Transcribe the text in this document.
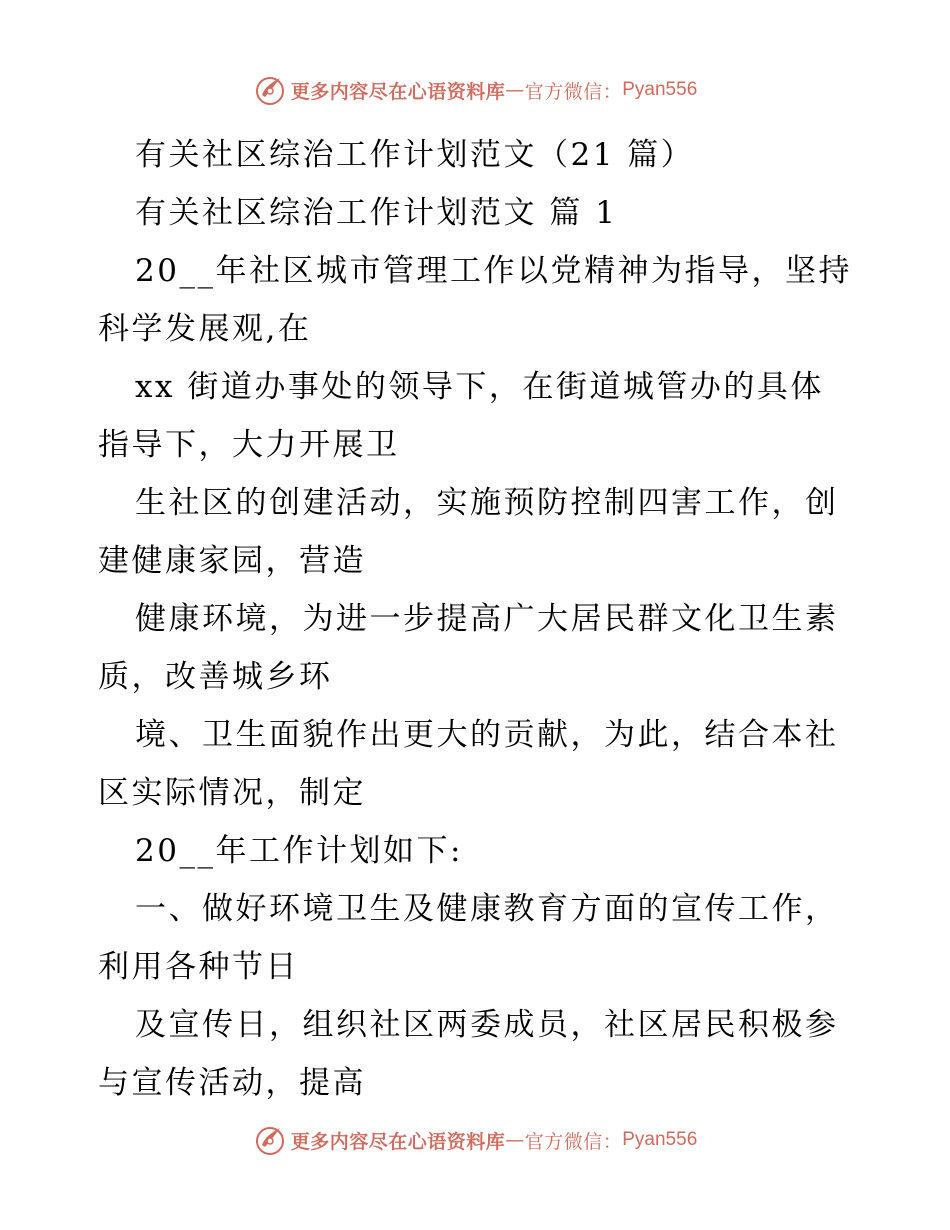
更多内容尽在心语资料库 — 官方微信： Pyan556
有关社区综治工作计划范文（21 篇）
有关社区综治工作计划范文 篇 1
20__年社区城市管理工作以党精神为指导，坚持
科学发展观,在
xx 街道办事处的领导下，在街道城管办的具体
指导下，大力开展卫
生社区的创建活动，实施预防控制四害工作，创
建健康家园，营造
健康环境，为进一步提高广大居民群文化卫生素
质，改善城乡环
境、卫生面貌作出更大的贡献，为此，结合本社
区实际情况，制定
20__年工作计划如下:
一、做好环境卫生及健康教育方面的宣传工作，
利用各种节日
及宣传日，组织社区两委成员，社区居民积极参
与宣传活动，提高
更多内容尽在心语资料库 — 官方微信： Pyan556
